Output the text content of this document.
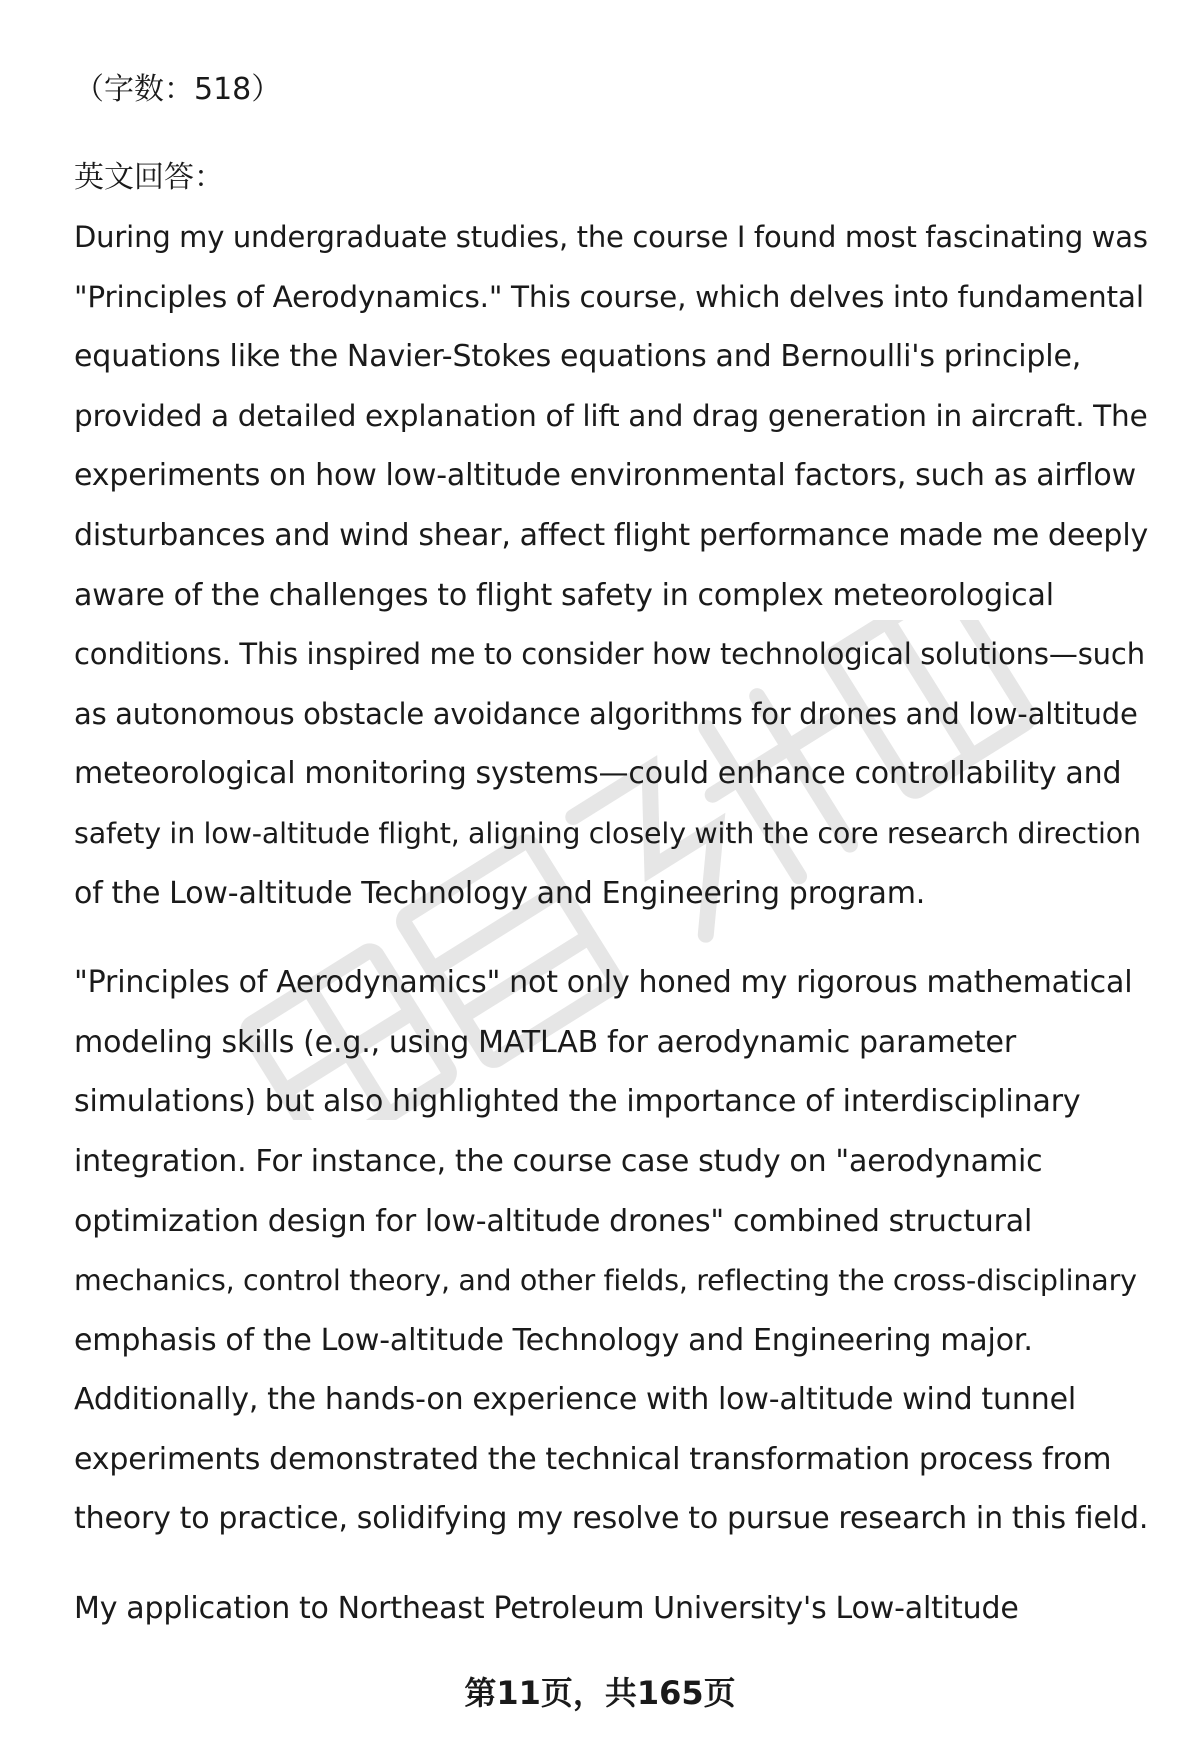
（字数：518）

英文回答：

During my undergraduate studies, the course I found most fascinating was
"Principles of Aerodynamics." This course, which delves into fundamental
equations like the Navier-Stokes equations and Bernoulli's principle,
provided a detailed explanation of lift and drag generation in aircraft. The
experiments on how low-altitude environmental factors, such as airflow
disturbances and wind shear, affect flight performance made me deeply
aware of the challenges to flight safety in complex meteorological
conditions. This inspired me to consider how technological solutions—such
as autonomous obstacle avoidance algorithms for drones and low-altitude
meteorological monitoring systems—could enhance controllability and
safety in low-altitude flight, aligning closely with the core research direction
of the Low-altitude Technology and Engineering program.

"Principles of Aerodynamics" not only honed my rigorous mathematical
modeling skills (e.g., using MATLAB for aerodynamic parameter
simulations) but also highlighted the importance of interdisciplinary
integration. For instance, the course case study on "aerodynamic
optimization design for low-altitude drones" combined structural
mechanics, control theory, and other fields, reflecting the cross-disciplinary
emphasis of the Low-altitude Technology and Engineering major.
Additionally, the hands-on experience with low-altitude wind tunnel
experiments demonstrated the technical transformation process from
theory to practice, solidifying my resolve to pursue research in this field.

My application to Northeast Petroleum University's Low-altitude

第11页，共165页
